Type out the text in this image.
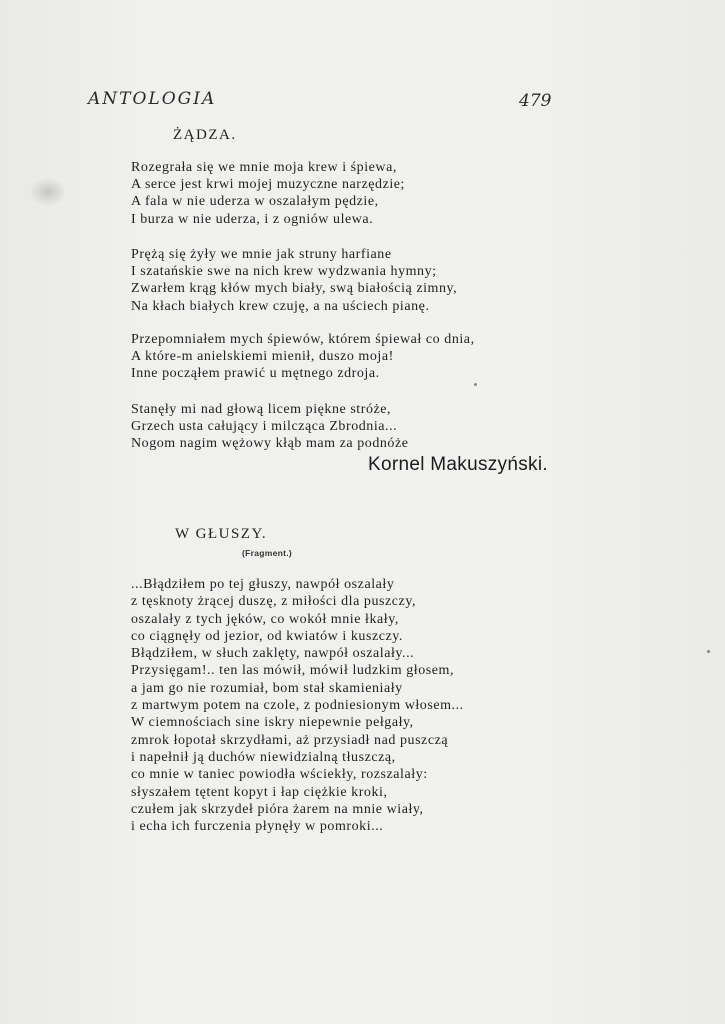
ANTOLOGIA	479
ŻĄDZA.
Rozegrała się we mnie moja krew i śpiewa,
A serce jest krwi mojej muzyczne narzędzie;
A fala w nie uderza w oszalałym pędzie,
I burza w nie uderza, i z ogniów ulewa.
Prężą się żyły we mnie jak struny harfiane
I szatańskie swe na nich krew wydzwania hymny;
Zwarłem krąg kłów mych biały, swą białością zimny,
Na kłach białych krew czuję, a na uściech pianę.
Przepomniałem mych śpiewów, którem śpiewał co dnia,
A które-m anielskiemi mienił, duszo moja!
Inne począłem prawić u mętnego zdroja.
Stanęły mi nad głową licem piękne stróże,
Grzech usta całujący i milcząca Zbrodnia...
Nogom nagim wężowy kłąb mam za podnóże
Kornel Makuszyński.
W GŁUSZY.
(Fragment.)
...Błądziłem po tej głuszy, nawpół oszalały
z tęsknoty żrącej duszę, z miłości dla puszczy,
oszalały z tych jęków, co wokół mnie łkały,
co ciągnęły od jezior, od kwiatów i kuszczy.
Błądziłem, w słuch zaklęty, nawpół oszalały...
Przysięgam!.. ten las mówił, mówił ludzkim głosem,
a jam go nie rozumiał, bom stał skamieniały
z martwym potem na czole, z podniesionym włosem...
W ciemnościach sine iskry niepewnie pełgały,
zmrok łopotał skrzydłami, aż przysiadł nad puszczą
i napełnił ją duchów niewidzialną tłuszczą,
co mnie w taniec powiodła wściekły, rozszalały:
słyszałem tętent kopyt i łap ciężkie kroki,
czułem jak skrzydeł pióra żarem na mnie wiały,
i echa ich furczenia płynęły w pomroki...
